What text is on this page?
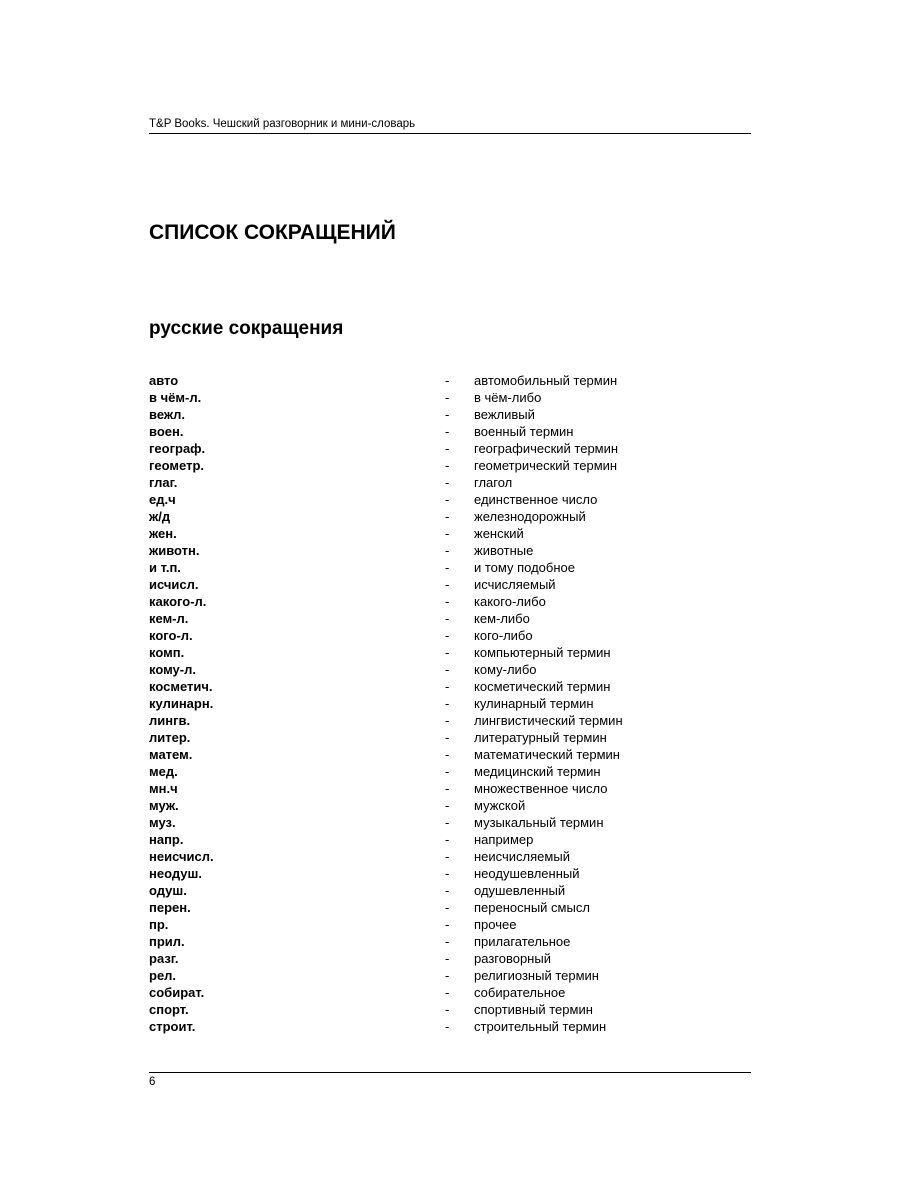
T&P Books. Чешский разговорник и мини-словарь
СПИСОК СОКРАЩЕНИЙ
русские сокращения
авто	- автомобильный термин
в чём-л.	- в чём-либо
вежл.	- вежливый
воен.	- военный термин
географ.	- географический термин
геометр.	- геометрический термин
глаг.	- глагол
ед.ч	- единственное число
ж/д	- железнодорожный
жен.	- женский
животн.	- животные
и т.п.	- и тому подобное
исчисл.	- исчисляемый
какого-л.	- какого-либо
кем-л.	- кем-либо
кого-л.	- кого-либо
комп.	- компьютерный термин
кому-л.	- кому-либо
косметич.	- косметический термин
кулинарн.	- кулинарный термин
лингв.	- лингвистический термин
литер.	- литературный термин
матем.	- математический термин
мед.	- медицинский термин
мн.ч	- множественное число
муж.	- мужской
муз.	- музыкальный термин
напр.	- например
неисчисл.	- неисчисляемый
неодуш.	- неодушевленный
одуш.	- одушевленный
перен.	- переносный смысл
пр.	- прочее
прил.	- прилагательное
разг.	- разговорный
рел.	- религиозный термин
собират.	- собирательное
спорт.	- спортивный термин
строит.	- строительный термин
6
